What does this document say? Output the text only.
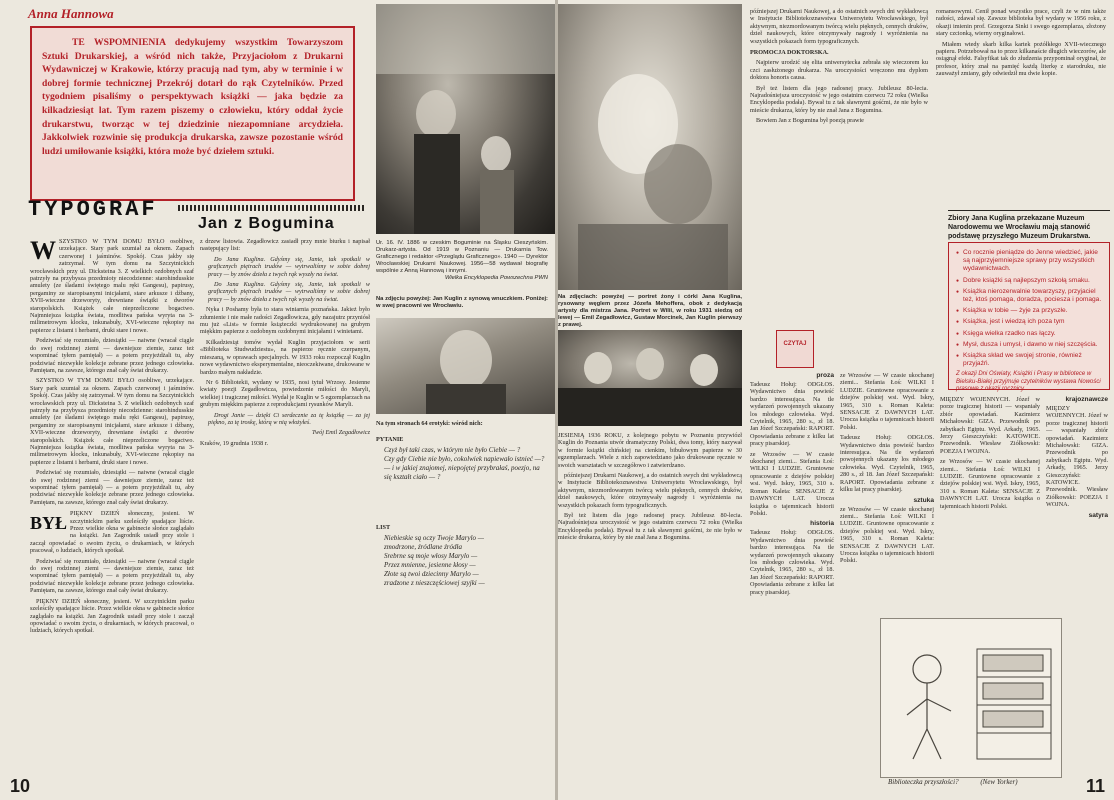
Anna Hannowa

TE WSPOMNIENIA dedykujemy wszystkim Towarzyszom Sztuki Drukarskiej, a wśród nich także, Przyjaciołom z Drukarni Wydawniczej w Krakowie, którzy pracują nad tym, aby w terminie i w dobrej formie technicznej Przekrój dotarł do rąk Czytelników. Przed tygodniem pisaliśmy o perspektywach książki — jaka będzie za kilkadziesiąt lat. Tym razem piszemy o człowieku, który oddał życie drukarstwu, tworząc w tej dziedzinie niezapomniane arcydzieła. Jakkolwiek rozwinie się produkcja drukarska, zawsze pozostanie wśród ludzi umiłowanie książki, która może być dziełem sztuki.

TYPOGRAF
Jan z Bogumina

WSZYSTKO W TYM DOMU BYŁO osobliwe, urzekające. Stary park szumiał za oknem. Zapach czerwonej i jaśminów. Spokój. Czas jakby się zatrzymał. W tym domu na Szczytnickich wrocławskich przy ul. Dicksteina 3. Z wielkich ozdobnych szaf patrzyły na przybysza przedmioty niecodzienne: starohindusskie amulety (ze śladami świętego malu ręki Gangesu), papirusy, pergaminy ze staropisanymi inicjałami, stare arkusze i dźbany, XVII-wieczne drzeworyty, drewniane świątki z dworów staropolskich. Książek całe nieprzeliczone bogactwo. Najmniejsza książka świata, modlitwa pańska wyryta na 3-milimetrowym klocku, inkunabuły, XVI-wieczne rękopisy na papierze z listami i herbami, druki stare i nowe.

Podziwiać się rozumiało, dziesiątki — naiwne (wracał ciągle do swej rodzinnej ziemi — dawniejsze ziemie, zaraz też wspominać tyłem pamiętał) — a potem przyjeżdżali tu, aby podziwiać niezwykłe kolekcje zebrane przez jednego człowieka. Pamiętam, na zawsze, którego znał cały świat drukarzy.

SZYSTKO W TYM DOMU BYŁO osobliwe, urzekające. Stary park szumiał za oknem. Zapach czerwonej i jaśminów. Spokój. Czas jakby się zatrzymał. W tym domu na Szczytnickich wrocławskich przy ul. Dicksteina 3. Z wielkich ozdobnych szaf patrzyły na przybysza przedmioty niecodzienne: starohindusskie amulety (ze śladami świętego malu ręki Gangesu), papirusy, pergaminy ze staropisanymi inicjałami, stare arkusze i dźbany, XVII-wieczne drzeworyty, drewniane świątki z dworów staropolskich. Książek całe nieprzeliczone bogactwo. Najmniejsza książka świata, modlitwa pańska wyryta na 3-milimetrowym klocku, inkunabuły, XVI-wieczne rękopisy na papierze z listami i herbami, druki stare i nowe.

Podziwiać się rozumiało, dziesiątki — naiwne (wracał ciągle do swej rodzinnej ziemi — dawniejsze ziemie, zaraz też wspominać tyłem pamiętał) — a potem przyjeżdżali tu, aby podziwiać niezwykłe kolekcje zebrane przez jednego człowieka. Pamiętam, na zawsze, którego znał cały świat drukarzy.

BYŁ PIĘKNY DZIEŃ słoneczny, jesieni. W szczytnickim parku szeleściły spadające liście. Przez wielkie okna w gabinecie słońce zaglądało na książki. Jan Zagrodnik usiadł przy stole i zaczął opowiadać o swoim życiu, o drukarniach, w których pracował, o ludziach, których spotkał.

Podziwiać się rozumiało, dziesiątki — naiwne (wracał ciągle do swej rodzinnej ziemi — dawniejsze ziemie, zaraz też wspominać tyłem pamiętał) — a potem przyjeżdżali tu, aby podziwiać niezwykłe kolekcje zebrane przez jednego człowieka. Pamiętam, na zawsze, którego znał cały świat drukarzy.

PIĘKNY DZIEŃ słoneczny, jesieni. W szczytnickim parku szeleściły spadające liście. Przez wielkie okna w gabinecie słońce zaglądało na książki. Jan Zagrodnik usiadł przy stole i zaczął opowiadać o swoim życiu, o drukarniach, w których pracował, o ludziach, których spotkał.

z drzew listowia. Zegadłowicz zasiadł przy mnie biurku i napisał następujący list:

Do Jana Kuglina. Gdyśmy się, Janie, tak spotkali w graficznych piętrach trudów — wytrwaliśmy w sobie dobrej pracy — by znów dzieła z twych rąk wyszły na świat.

Do Jana Kuglina. Gdyśmy się, Janie, tak spotkali w graficznych piętrach trudów — wytrwaliśmy w sobie dobrej pracy — by znów dzieła z twych rąk wyszły na świat.

Nyka i Poshamy była to stara winiarnia poznańska. Jakież było zdumienie i nie małe radości Zegadłowicza, gdy nazajutrz przyniósł mu już «List» w formie książeczki wydrukowanej na grubym miękkim papierze z ozdobnym ozdobnymi inicjałami i winietami.

Kilkadziesiąt tomów wydał Kuglin przyjaciołom w serii «Biblioteka Studwudziestu», na papierze ręcznie czerpanym, mieszaną, w oprawach specjalnych. W 1933 roku rozpoczął Kuglin nowe wydawnictwo eksperymentalne, nieoczekiwane, drukowane w bardzo małym nakładzie.

Nr 6 Bibliotekii, wydany w 1935, nosi tytuł Wrzosy. Jesienne kwiaty poezji Zegadłowicza, powiedzenie miłości do Maryli, wielkiej i tragicznej miłości. Wydał je Kuglin w 5 egzemplarzach na grubym miękkim papierze z reprodukcjami rysunków Maryli.

Drogi Janie — dzięki Ci serdecznie za tę książkę — za jej piękno, za tę troskę, którą w nią włożyłeś.

Twój Emil Zegadłowicz

Kraków, 19 grudnia 1938 r.

Ur. 16. IV. 1886 w czeskim Boguminie na Śląsku Cieszyńskim. Drukarz-artysta. Od 1919 w Poznaniu — Drukarnia Tow. Graficznego i redaktor «Przeglądu Graficznego». 1940 — Dyrektor Wrocławskiej Drukarni Naukowej. 1956—58 wydawał biografię wspólnie z Anną Hannową i innymi.
Wielka Encyklopedia Powszechna PWN
Na zdjęciu powyżej: Jan Kuglin z synową wnuczkiem. Poniżej: w swej pracowni we Wrocławiu.
Na tym stronach 64 erotyki: wśród nich:
PYTANIE
Czyż był taki czas, w którym nie było Ciebie — ?
Czy gdy Ciebie nie było, cokolwiek napiewało istnieć —?
— i w jakiej znajomej, niepojętej przybrałaś, poezjo, na się kształt ciało — ?
LIST
Niebieskie są oczy Twoje Marylo —
zmodrzone, źródlane źródła
Srebrne są moje włosy Marylo —
Przez mnienne, jesienne kłosy —
Złote są twoi dziecinny Marylo —
zradzone z nieszczęściowej szyjki —
10
Na zdjęciach: powyżej — portret żony i córki Jana Kuglina, rysowany węglem przez Józefa Mehoffera, obok z dedykacją artysty dla mistrza Jana. Portret w Wilii, w roku 1931 siedzą od lewej — Emil Zegadłowicz, Gustaw Morcinek, Jan Kuglin pierwszy z prawej.

JESIENIĄ 1936 ROKU, z kolejnego pobytu w Poznaniu przywiózł Kuglin do Poznania utwór dramatyczny Polski, dwa tomy, który nazywał w formie książki chińskiej na cienkim, bibułowym papierze w 30 egzemplarzach. Wiele z nich zapowiedziano jako drukowane ręcznie w swoich warsztatach w szczegółowo i zatwierdzano.

późniejszej Drukarni Naukowej, a do ostatnich swych dni wykładowcą w Instytucie Bibliotekoznawstwa Uniwersytetu Wrocławskiego, był aktywnym, niezmordowanym twórcą wielu pięknych, cennych druków, dzieł naukowych, które otrzymywały nagrody i wyróżnienia na wszystkich pokazach form typograficznych.

Był też listem dla jego radosnej pracy. Jubileusz 80-lecia. Najradośniejsza uroczystość w jego ostatnim czerwcu 72 roku (Wielka Encyklopedia podała). Bywał tu z tak sławnymi gośćmi, że nie było w mieście drukarza, który by nie znał Jana z Bogumina.

późniejszej Drukarni Naukowej, a do ostatnich swych dni wykładowcą w Instytucie Bibliotekoznawstwa Uniwersytetu Wrocławskiego, był aktywnym, niezmordowanym twórcą wielu pięknych, cennych druków, dzieł naukowych, które otrzymywały nagrody i wyróżnienia na wszystkich pokazach form typograficznych.

PROMOCJA DOKTORSKA.

Najpierw urodzić się elita uniwersytecka zebrała się wieczorem ku czci zasłużonego drukarza. Na uroczystości wręczono mu dyplom doktora honoris causa.

Był też listem dla jego radosnej pracy. Jubileusz 80-lecia. Najradośniejsza uroczystość w jego ostatnim czerwcu 72 roku (Wielka Encyklopedia podała). Bywał tu z tak sławnymi gośćmi, że nie było w mieście drukarza, który by nie znał Jana z Bogumina.

Bowiem Jan z Bogumina był poezją prawie

romansowymi. Cenił ponad wszystko prace, czyli że w nim także radości, zdawał się. Zawsze biblioteka był wydany w 1956 roku, z okazji imienin prof. Grzegorza Sinki i swego egzemplarza, złożony stary czcionką, wierny oryginałowi.

Miałem wtedy skarb kilka kartek pożółkłego XVII-wiecznego papieru. Potrzebował na to przez kilkanaście długich wieczorów, ale osiągnął efekt. Falsyfikat tak do złudzenia przypominał oryginał, że profesor, który znał na pamięć każdą literkę z starodruku, nie zauważył zmiany, gdy odwiedził mu dwie kopie.

Zbiory Jana Kuglina przekazane Muzeum Narodowemu we Wrocławiu mają stanowić podstawę przyszłego Muzeum Drukarstwa.
● Co rocznie pieniądze do Jenne wiedzieć, jakie są najprzyjemniejsze sprawy przy wszystkich wydawnictwach.
● Dobre książki są najlepszym szkołą smaku.
● Książka nierozerwalnie towarzyszy, przyjaciel też, ktoś pomaga, doradza, pociesza i pomaga.
● Książka w tobie — żyje za przyszłe.
● Książka, jest i wiedzą ich poza tym
● Księga wielka rzadko nas łączy.
● Mysł, dusza i umysł, i dawno w niej szczęścia.
● Książka skład we swojej stronie, również przyjaźń.
Z okazji Dni Oświaty, Książki i Prasy w bibliotece w Bielsku-Białej przyjmuje czytelników wystawa Nowości prasowe z okazji rocznicy.
CZYTAJ
proza

Tadeusz Hołuj: ODGŁOS. Wydawnictwo dnia powieść bardzo interesująca. Na tle wydarzeń powojennych ukazany los młodego człowieka. Wyd. Czytelnik, 1965, 280 s., zł 18. Jan Józef Szczepański: RAPORT. Opowiadania zebrane z kilku lat pracy pisarskiej.

ze Wrzosów — W czasie ukochanej ziemi... Stefania Łoś: WILKI I LUDZIE. Gruntowne opracowanie z dziejów polskiej wsi. Wyd. Iskry, 1965, 310 s. Roman Kaleta: SENSACJE Z DAWNYCH LAT. Urocza książka o tajemnicach historii Polski.

historia

Tadeusz Hołuj: ODGŁOS. Wydawnictwo dnia powieść bardzo interesująca. Na tle wydarzeń powojennych ukazany los młodego człowieka. Wyd. Czytelnik, 1965, 280 s., zł 18. Jan Józef Szczepański: RAPORT. Opowiadania zebrane z kilku lat pracy pisarskiej.

ze Wrzosów — W czasie ukochanej ziemi... Stefania Łoś: WILKI I LUDZIE. Gruntowne opracowanie z dziejów polskiej wsi. Wyd. Iskry, 1965, 310 s. Roman Kaleta: SENSACJE Z DAWNYCH LAT. Urocza książka o tajemnicach historii Polski.

Tadeusz Hołuj: ODGŁOS. Wydawnictwo dnia powieść bardzo interesująca. Na tle wydarzeń powojennych ukazany los młodego człowieka. Wyd. Czytelnik, 1965, 280 s., zł 18. Jan Józef Szczepański: RAPORT. Opowiadania zebrane z kilku lat pracy pisarskiej.

sztuka

ze Wrzosów — W czasie ukochanej ziemi... Stefania Łoś: WILKI I LUDZIE. Gruntowne opracowanie z dziejów polskiej wsi. Wyd. Iskry, 1965, 310 s. Roman Kaleta: SENSACJE Z DAWNYCH LAT. Urocza książka o tajemnicach historii Polski.

MIĘDZY WOJENNYCH. Józef w porze tragicznej historii — wspaniały zbiór opowiadań. Kazimierz Michałowski: GIZA. Przewodnik po zabytkach Egiptu. Wyd. Arkady, 1965. Jerzy Gieszczyński: KATOWICE. Przewodnik. Wiesław Ziółkowski: POEZJA I WOJNA.

ze Wrzosów — W czasie ukochanej ziemi... Stefania Łoś: WILKI I LUDZIE. Gruntowne opracowanie z dziejów polskiej wsi. Wyd. Iskry, 1965, 310 s. Roman Kaleta: SENSACJE Z DAWNYCH LAT. Urocza książka o tajemnicach historii Polski.

krajoznawcze

MIĘDZY WOJENNYCH. Józef w porze tragicznej historii — wspaniały zbiór opowiadań. Kazimierz Michałowski: GIZA. Przewodnik po zabytkach Egiptu. Wyd. Arkady, 1965. Jerzy Gieszczyński: KATOWICE. Przewodnik. Wiesław Ziółkowski: POEZJA I WOJNA.

satyra
Biblioteczka przyszłości?	(New Yorker)	11
